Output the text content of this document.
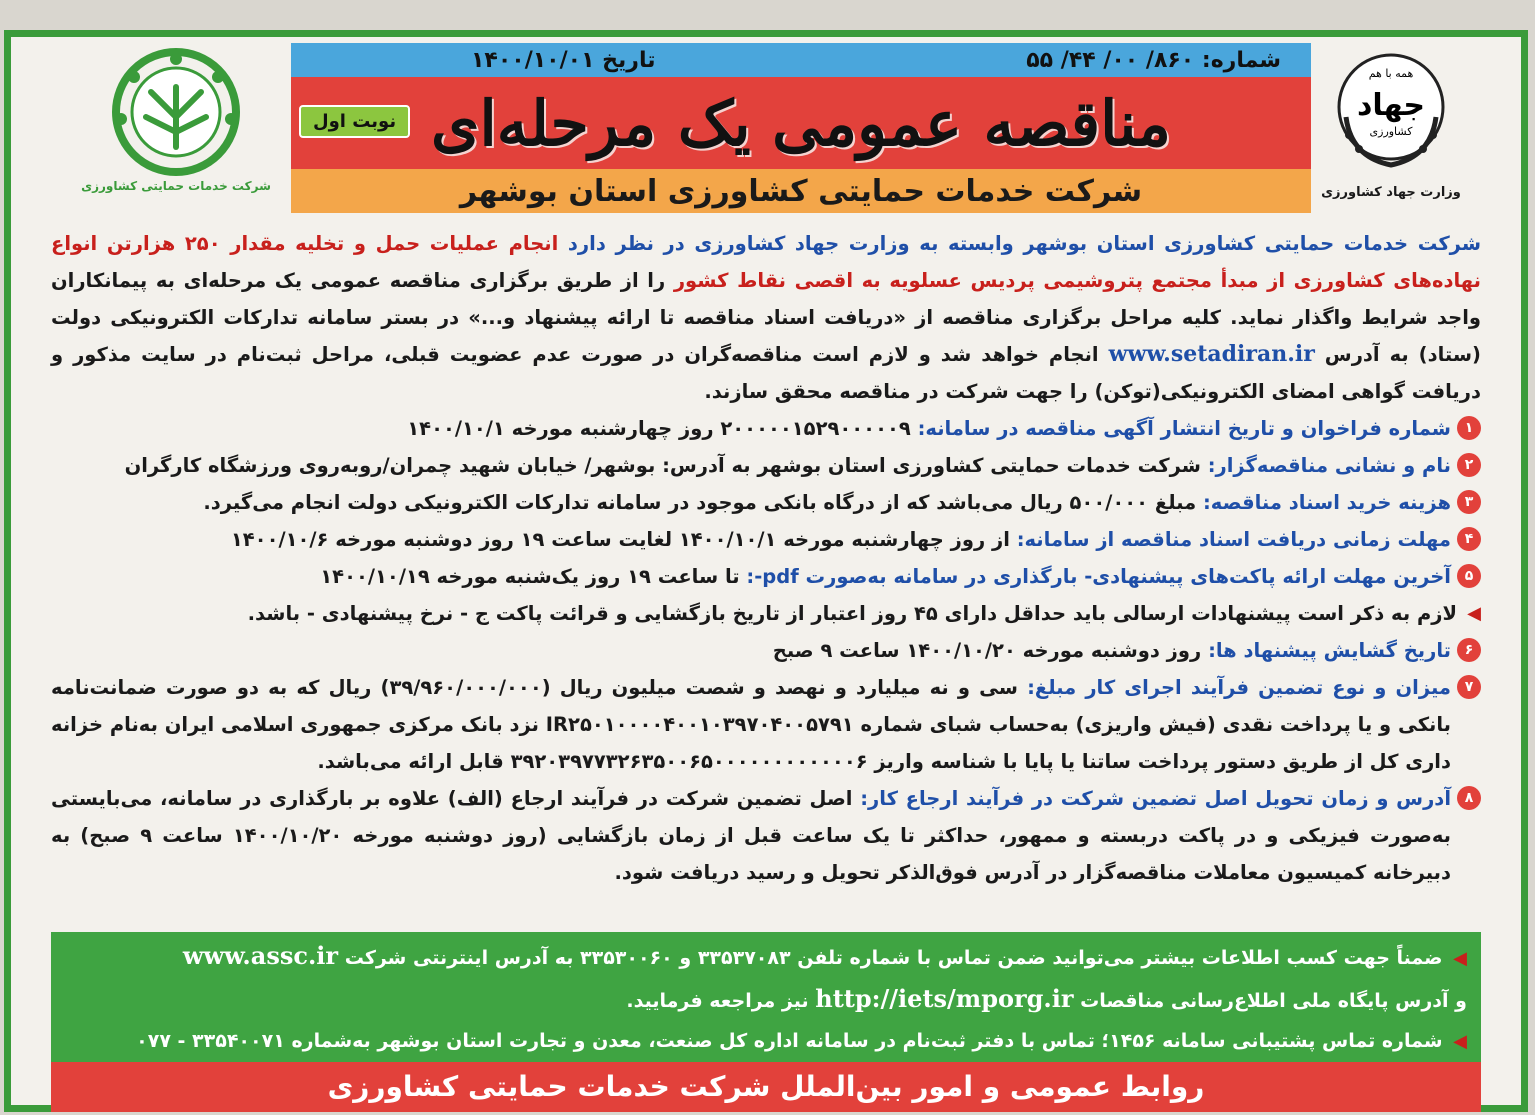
شرکت خدمات حمایتی کشاورزی
شماره: ۸۶۰/ ۰۰/ ۴۴/ ۵۵
تاریخ ۱۴۰۰/۱۰/۰۱
نوبت اول مناقصه عمومی یک مرحله‌ای
شرکت خدمات حمایتی کشاورزی استان بوشهر
همه با هم
جهاد
کشاورزی
وزارت جهاد کشاورزی

شرکت خدمات حمایتی کشاورزی استان بوشهر وابسته به وزارت جهاد کشاورزی در نظر دارد انجام عملیات حمل و تخلیه مقدار ۲۵۰ هزارتن انواع نهاده‌های کشاورزی از مبدأ مجتمع پتروشیمی پردیس عسلویه به اقصی نقاط کشور را از طریق برگزاری مناقصه عمومی یک مرحله‌ای به پیمانکاران واجد شرایط واگذار نماید. کلیه مراحل برگزاری مناقصه از «دریافت اسناد مناقصه تا ارائه پیشنهاد و...» در بستر سامانه تدارکات الکترونیکی دولت (ستاد) به آدرس www.setadiran.ir انجام خواهد شد و لازم است مناقصه‌گران در صورت عدم عضویت قبلی، مراحل ثبت‌نام در سایت مذکور و دریافت گواهی امضای الکترونیکی(توکن) را جهت شرکت در مناقصه محقق سازند.

۱
شماره فراخوان و تاریخ انتشار آگهی مناقصه در سامانه: ۲۰۰۰۰۰۱۵۲۹۰۰۰۰۰۹ روز چهارشنبه مورخه ۱۴۰۰/۱۰/۱
۲
نام و نشانی مناقصه‌گزار: شرکت خدمات حمایتی کشاورزی استان بوشهر به آدرس: بوشهر/ خیابان شهید چمران/روبه‌روی ورزشگاه کارگران
۳
هزینه خرید اسناد مناقصه: مبلغ ۵۰۰/۰۰۰ ریال می‌باشد که از درگاه بانکی موجود در سامانه تدارکات الکترونیکی دولت انجام می‌گیرد.
۴
مهلت زمانی دریافت اسناد مناقصه از سامانه: از روز چهارشنبه مورخه ۱۴۰۰/۱۰/۱ لغایت ساعت ۱۹ روز دوشنبه مورخه ۱۴۰۰/۱۰/۶
۵
آخرین مهلت ارائه پاکت‌های پیشنهادی- بارگذاری در سامانه به‌صورت pdf-: تا ساعت ۱۹ روز یک‌شنبه مورخه ۱۴۰۰/۱۰/۱۹
◀
لازم به ذکر است پیشنهادات ارسالی باید حداقل دارای ۴۵ روز اعتبار از تاریخ بازگشایی و قرائت پاکت ج - نرخ پیشنهادی - باشد.
۶
تاریخ گشایش پیشنهاد ها: روز دوشنبه مورخه ۱۴۰۰/۱۰/۲۰ ساعت ۹ صبح
۷
میزان و نوع تضمین فرآیند اجرای کار مبلغ: سی و نه میلیارد و نهصد و شصت میلیون ریال (۳۹/۹۶۰/۰۰۰/۰۰۰) ریال که به دو صورت ضمانت‌نامه بانکی و یا پرداخت نقدی (فیش واریزی) به‌حساب شبای شماره IR۲۵۰۱۰۰۰۰۴۰۰۱۰۳۹۷۰۴۰۰۵۷۹۱ نزد بانک مرکزی جمهوری اسلامی ایران به‌نام خزانه داری کل از طریق دستور پرداخت ساتنا یا پایا با شناسه واریز ۳۹۲۰۳۹۷۷۳۲۶۳۵۰۰۶۵۰۰۰۰۰۰۰۰۰۰۰۰۶ قابل ارائه می‌باشد.
۸
آدرس و زمان تحویل اصل تضمین شرکت در فرآیند ارجاع کار: اصل تضمین شرکت در فرآیند ارجاع (الف) علاوه بر بارگذاری در سامانه، می‌بایستی به‌صورت فیزیکی و در پاکت دربسته و ممهور، حداکثر تا یک ساعت قبل از زمان بازگشایی (روز دوشنبه مورخه ۱۴۰۰/۱۰/۲۰ ساعت ۹ صبح) به دبیرخانه کمیسیون معاملات مناقصه‌گزار در آدرس فوق‌الذکر تحویل و رسید دریافت شود.
◀ ضمناً جهت کسب اطلاعات بیشتر می‌توانید ضمن تماس با شماره تلفن ۳۳۵۳۷۰۸۳ و ۳۳۵۳۰۰۶۰ به آدرس اینترنتی شرکت www.assc.ir
و آدرس پایگاه ملی اطلاع‌رسانی مناقصات http://iets/mporg.ir نیز مراجعه فرمایید.
◀ شماره تماس پشتیبانی سامانه ۱۴۵۶؛ تماس با دفتر ثبت‌نام در سامانه اداره کل صنعت، معدن و تجارت استان بوشهر به‌شماره ۳۳۵۴۰۰۷۱ - ۰۷۷
روابط عمومی و امور بین‌الملل شرکت خدمات حمایتی کشاورزی
